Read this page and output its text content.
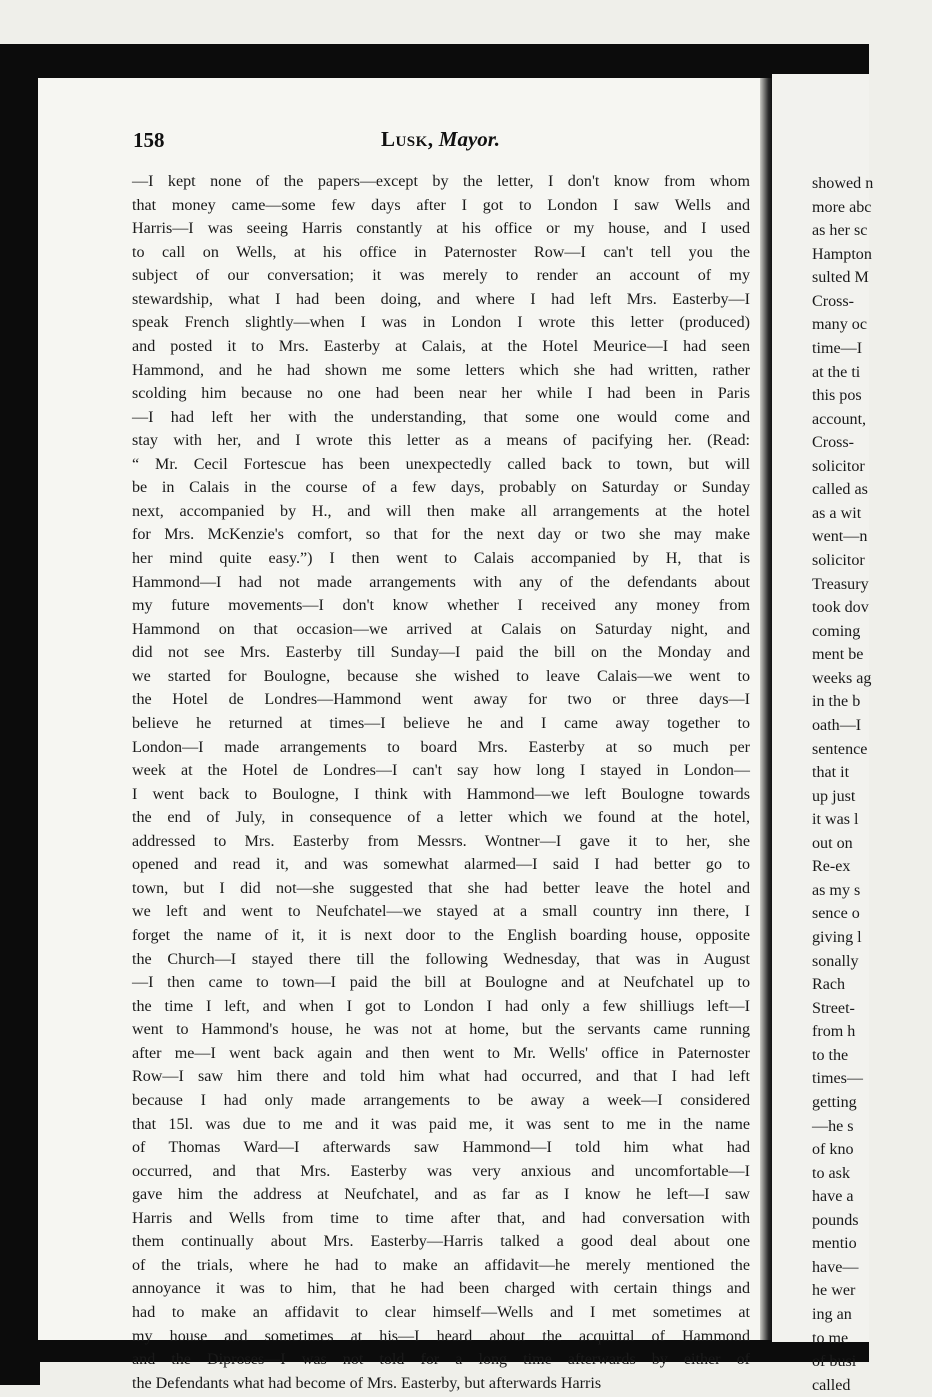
158	Lusk, Mayor.
—I kept none of the papers—except by the letter, I don't know from whom
that money came—some few days after I got to London I saw Wells and
Harris—I was seeing Harris constantly at his office or my house, and I used
to call on Wells, at his office in Paternoster Row—I can't tell you the
subject of our conversation; it was merely to render an account of my
stewardship, what I had been doing, and where I had left Mrs. Easterby—I
speak French slightly—when I was in London I wrote this letter (produced)
and posted it to Mrs. Easterby at Calais, at the Hotel Meurice—I had seen
Hammond, and he had shown me some letters which she had written, rather
scolding him because no one had been near her while I had been in Paris
—I had left her with the understanding, that some one would come and
stay with her, and I wrote this letter as a means of pacifying her. (Read:
“ Mr. Cecil Fortescue has been unexpectedly called back to town, but will
be in Calais in the course of a few days, probably on Saturday or Sunday
next, accompanied by H., and will then make all arrangements at the hotel
for Mrs. McKenzie's comfort, so that for the next day or two she may make
her mind quite easy.”) I then went to Calais accompanied by H, that is
Hammond—I had not made arrangements with any of the defendants about
my future movements—I don't know whether I received any money from
Hammond on that occasion—we arrived at Calais on Saturday night, and
did not see Mrs. Easterby till Sunday—I paid the bill on the Monday and
we started for Boulogne, because she wished to leave Calais—we went to
the Hotel de Londres—Hammond went away for two or three days—I
believe he returned at times—I believe he and I came away together to
London—I made arrangements to board Mrs. Easterby at so much per
week at the Hotel de Londres—I can't say how long I stayed in London—
I went back to Boulogne, I think with Hammond—we left Boulogne towards
the end of July, in consequence of a letter which we found at the hotel,
addressed to Mrs. Easterby from Messrs. Wontner—I gave it to her, she
opened and read it, and was somewhat alarmed—I said I had better go to
town, but I did not—she suggested that she had better leave the hotel and
we left and went to Neufchatel—we stayed at a small country inn there, I
forget the name of it, it is next door to the English boarding house, opposite
the Church—I stayed there till the following Wednesday, that was in August
—I then came to town—I paid the bill at Boulogne and at Neufchatel up to
the time I left, and when I got to London I had only a few shilliugs left—I
went to Hammond's house, he was not at home, but the servants came running
after me—I went back again and then went to Mr. Wells' office in Paternoster
Row—I saw him there and told him what had occurred, and that I had left
because I had only made arrangements to be away a week—I considered
that 15l. was due to me and it was paid me, it was sent to me in the name
of Thomas Ward—I afterwards saw Hammond—I told him what had
occurred, and that Mrs. Easterby was very anxious and uncomfortable—I
gave him the address at Neufchatel, and as far as I know he left—I saw
Harris and Wells from time to time after that, and had conversation with
them continually about Mrs. Easterby—Harris talked a good deal about one
of the trials, where he had to make an affidavit—he merely mentioned the
annoyance it was to him, that he had been charged with certain things and
had to make an affidavit to clear himself—Wells and I met sometimes at
my house and sometimes at his—I heard about the acquittal of Hammond
and the Diproses—I was not told for a long time afterwards by either of
the Defendants what had become of Mrs. Easterby, but afterwards Harris
showed n
more abc
as her sc
Hampton
sulted M
Cross-
many oc
time—I
at the ti
this pos
account,
Cross-
solicitor
called as
as a wit
went—n
solicitor
Treasury
took dov
coming
ment be
weeks ag
in the b
oath—I
sentence
that it
up just
it was l
out on
Re-ex
as my s
sence o
giving l
sonally
Rach
Street-
from h
to the
times—
getting
—he s
of kno
to ask
have a
pounds
mentio
have—
he wer
ing an
to me
of busi
called
